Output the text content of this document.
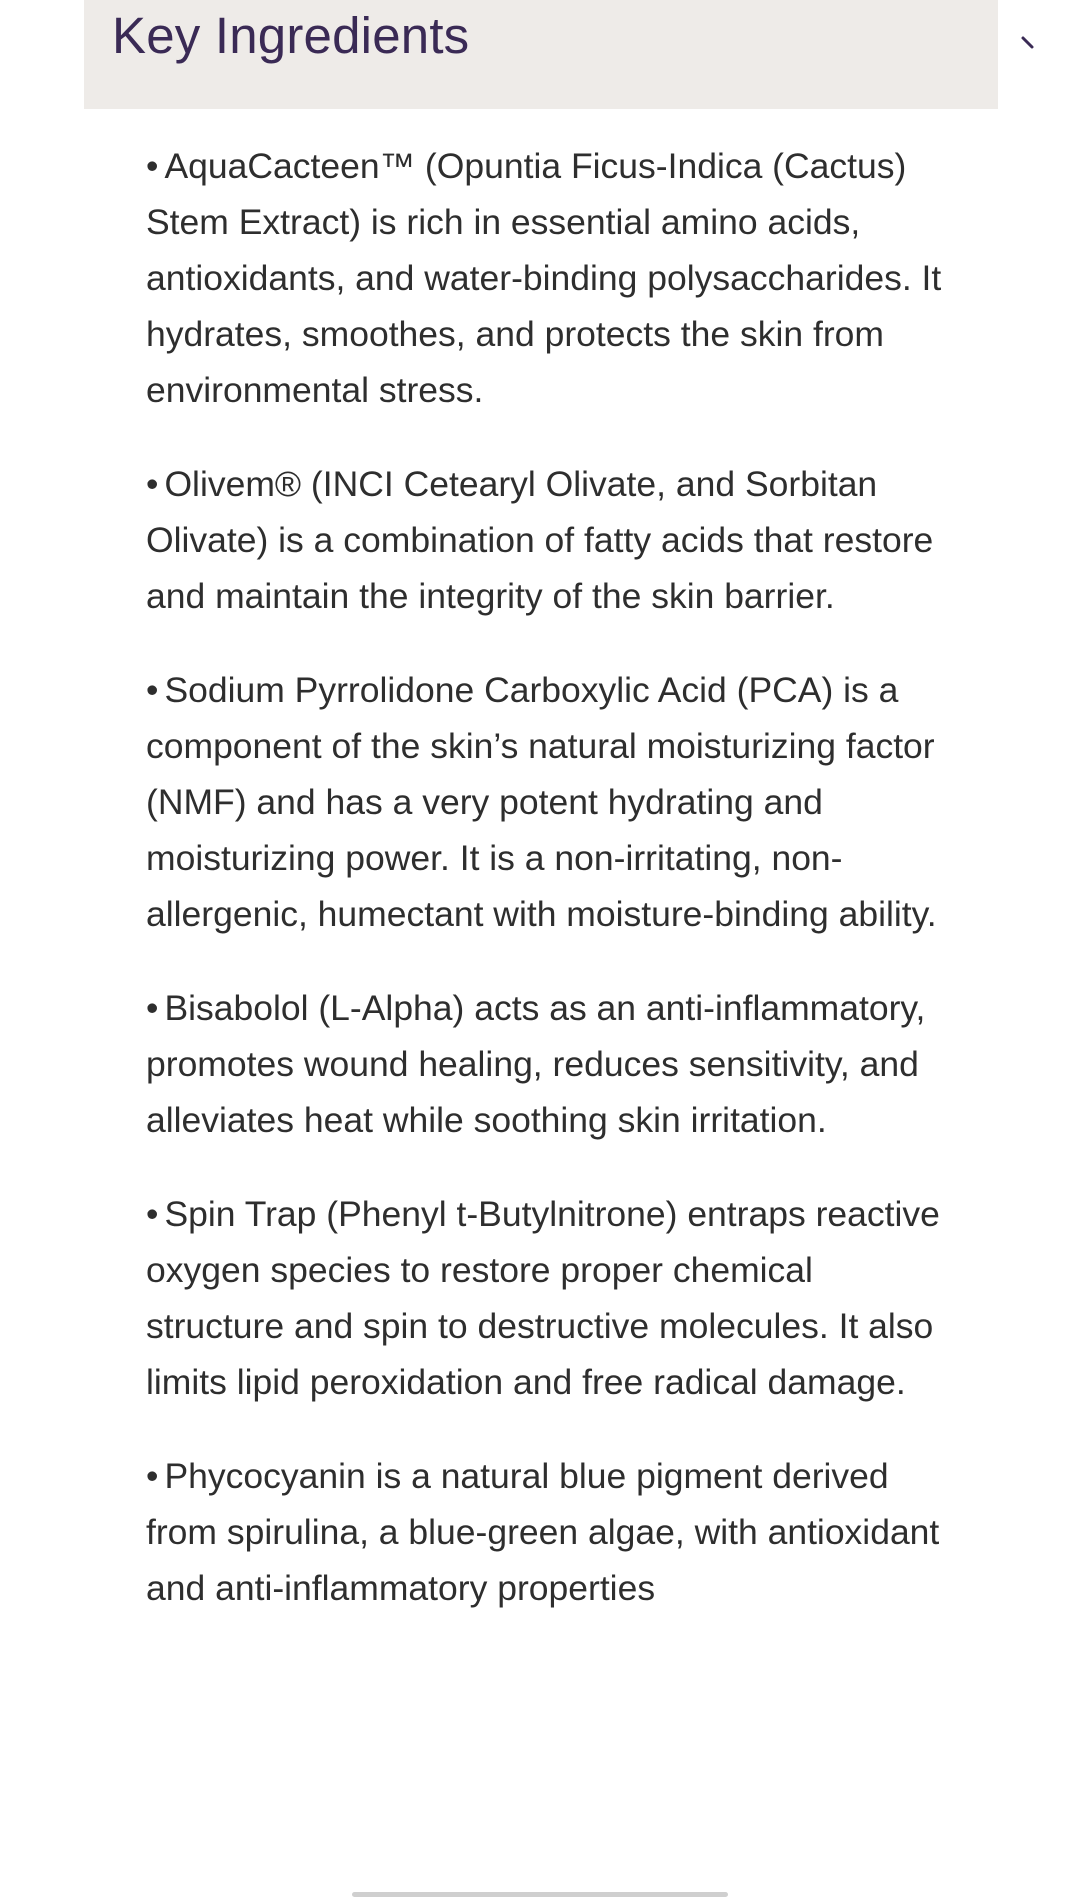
Key Ingredients
• AquaCacteen™ (Opuntia Ficus-Indica (Cactus) Stem Extract) is rich in essential amino acids, antioxidants, and water-binding polysaccharides. It hydrates, smoothes, and protects the skin from environmental stress.
• Olivem® (INCI Cetearyl Olivate, and Sorbitan Olivate) is a combination of fatty acids that restore and maintain the integrity of the skin barrier.
• Sodium Pyrrolidone Carboxylic Acid (PCA) is a component of the skin’s natural moisturizing factor (NMF) and has a very potent hydrating and moisturizing power. It is a non-irritating, non-allergenic, humectant with moisture-binding ability.
• Bisabolol (L-Alpha) acts as an anti-inflammatory, promotes wound healing, reduces sensitivity, and alleviates heat while soothing skin irritation.
• Spin Trap (Phenyl t-Butylnitrone) entraps reactive oxygen species to restore proper chemical structure and spin to destructive molecules. It also limits lipid peroxidation and free radical damage.
• Phycocyanin is a natural blue pigment derived from spirulina, a blue-green algae, with antioxidant and anti-inflammatory properties
